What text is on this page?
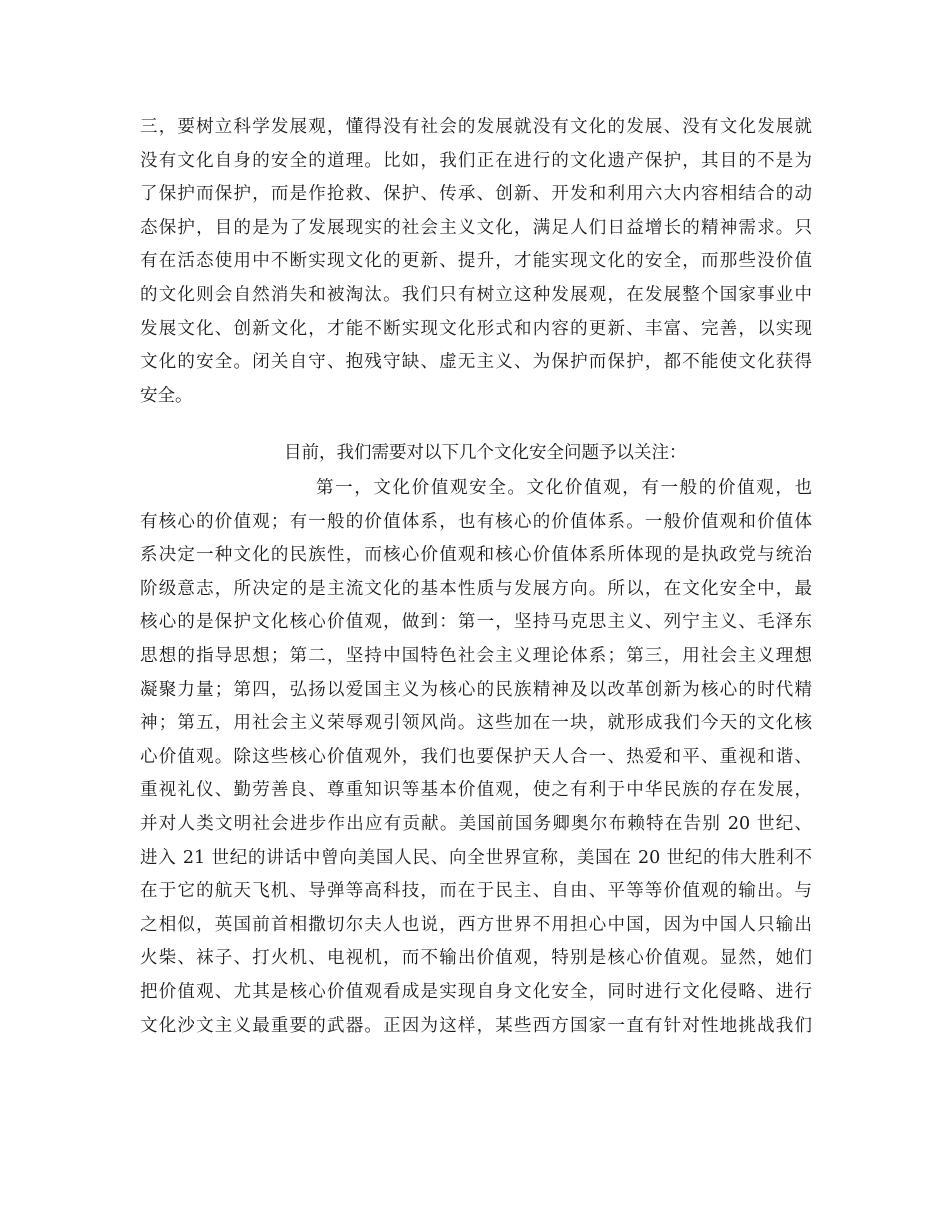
三，要树立科学发展观，懂得没有社会的发展就没有文化的发展、没有文化发展就
没有文化自身的安全的道理。比如，我们正在进行的文化遗产保护，其目的不是为
了保护而保护，而是作抢救、保护、传承、创新、开发和利用六大内容相结合的动
态保护，目的是为了发展现实的社会主义文化，满足人们日益增长的精神需求。只
有在活态使用中不断实现文化的更新、提升，才能实现文化的安全，而那些没价值
的文化则会自然消失和被淘汰。我们只有树立这种发展观，在发展整个国家事业中
发展文化、创新文化，才能不断实现文化形式和内容的更新、丰富、完善，以实现
文化的安全。闭关自守、抱残守缺、虚无主义、为保护而保护，都不能使文化获得
安全。
目前，我们需要对以下几个文化安全问题予以关注：
第一，文化价值观安全。文化价值观，有一般的价值观，也
有核心的价值观；有一般的价值体系，也有核心的价值体系。一般价值观和价值体
系决定一种文化的民族性，而核心价值观和核心价值体系所体现的是执政党与统治
阶级意志，所决定的是主流文化的基本性质与发展方向。所以，在文化安全中，最
核心的是保护文化核心价值观，做到：第一，坚持马克思主义、列宁主义、毛泽东
思想的指导思想；第二，坚持中国特色社会主义理论体系；第三，用社会主义理想
凝聚力量；第四，弘扬以爱国主义为核心的民族精神及以改革创新为核心的时代精
神；第五，用社会主义荣辱观引领风尚。这些加在一块，就形成我们今天的文化核
心价值观。除这些核心价值观外，我们也要保护天人合一、热爱和平、重视和谐、
重视礼仪、勤劳善良、尊重知识等基本价值观，使之有利于中华民族的存在发展，
并对人类文明社会进步作出应有贡献。美国前国务卿奥尔布赖特在告别 20 世纪、
进入 21 世纪的讲话中曾向美国人民、向全世界宣称，美国在 20 世纪的伟大胜利不
在于它的航天飞机、导弹等高科技，而在于民主、自由、平等等价值观的输出。与
之相似，英国前首相撒切尔夫人也说，西方世界不用担心中国，因为中国人只输出
火柴、袜子、打火机、电视机，而不输出价值观，特别是核心价值观。显然，她们
把价值观、尤其是核心价值观看成是实现自身文化安全，同时进行文化侵略、进行
文化沙文主义最重要的武器。正因为这样，某些西方国家一直有针对性地挑战我们
